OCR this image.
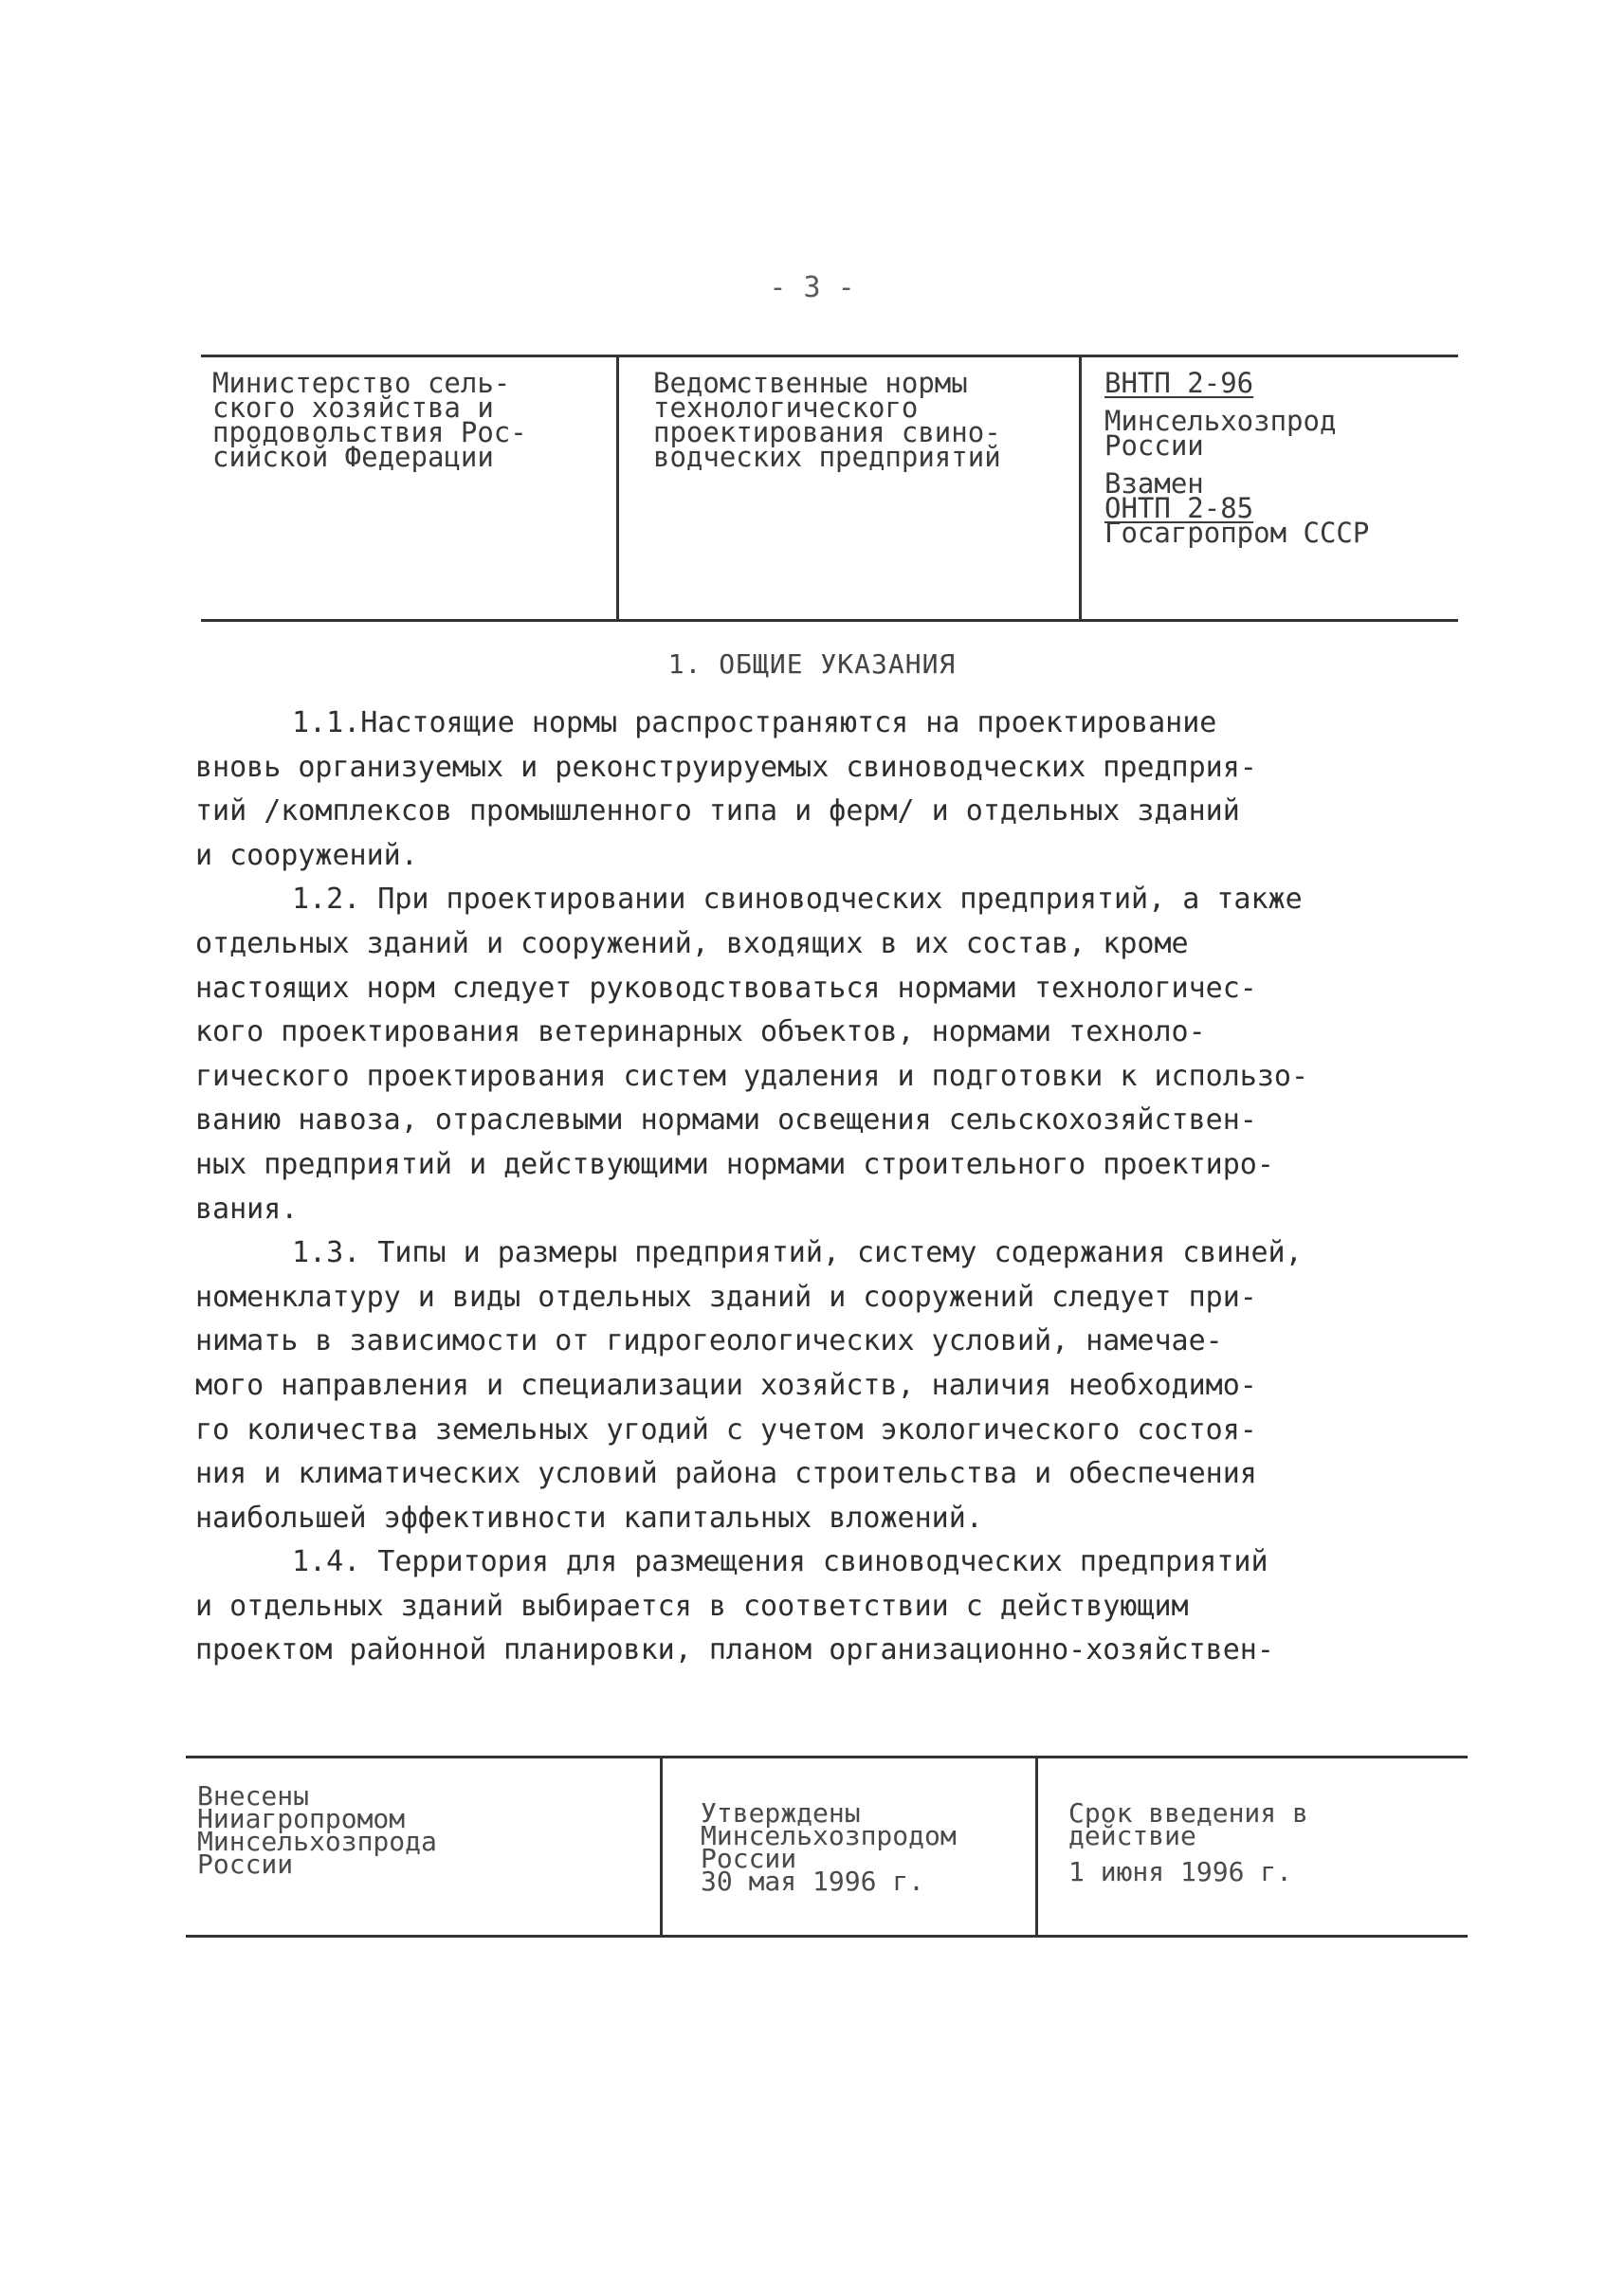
- 3 -
Министерство сель-
ского хозяйства и
продовольствия Рос-
сийской Федерации
Ведомственные нормы
технологического
проектирования свино-
водческих предприятий
ВНТП 2-96
Минсельхозпрод
России
Взамен
ОНТП 2-85
Госагропром СССР
1. ОБЩИЕ УКАЗАНИЯ
1.1.Настоящие нормы распространяются на проектирование
вновь организуемых и реконструируемых свиноводческих предприя-
тий /комплексов промышленного типа и ферм/ и отдельных зданий
и сооружений.
1.2. При проектировании свиноводческих предприятий, а также
отдельных зданий и сооружений, входящих в их состав, кроме
настоящих норм следует руководствоваться нормами технологичес-
кого проектирования ветеринарных объектов, нормами техноло-
гического проектирования систем удаления и подготовки к использо-
ванию навоза, отраслевыми нормами освещения сельскохозяйствен-
ных предприятий и действующими нормами строительного проектиро-
вания.
1.3. Типы и размеры предприятий, систему содержания свиней,
номенклатуру и виды отдельных зданий и сооружений следует при-
нимать в зависимости от гидрогеологических условий, намечае-
мого направления и специализации хозяйств, наличия необходимо-
го количества земельных угодий с учетом экологического состоя-
ния и климатических условий района строительства и обеспечения
наибольшей эффективности капитальных вложений.
1.4. Территория для размещения свиноводческих предприятий
и отдельных зданий выбирается в соответствии с действующим
проектом районной планировки, планом организационно-хозяйствен-
Внесены
Нииагропромом
Минсельхозпрода
России
Утверждены
Минсельхозпродом
России
30 мая 1996 г.
Срок введения в
действие
1 июня 1996 г.
